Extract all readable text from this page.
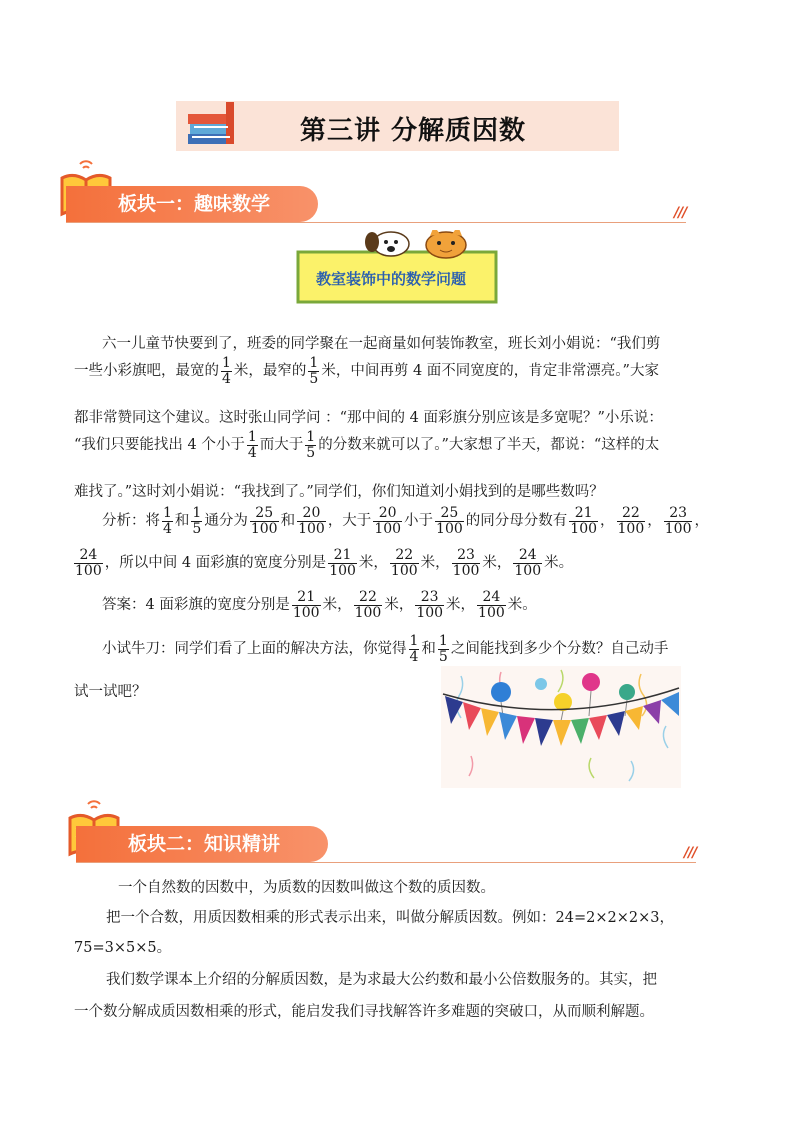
第三讲 分解质因数
板块一：趣味数学	///
教室装饰中的数学问题
六一儿童节快要到了，班委的同学聚在一起商量如何装饰教室，班长刘小娟说：“我们剪
一些小彩旗吧，最宽的 $\frac{1}{4}$ 米，最窄的 $\frac{1}{5}$ 米，中间再剪 4 面不同宽度的，肯定非常漂亮。”大家
都非常赞同这个建议。这时张山同学问 ：“那中间的 4 面彩旗分别应该是多宽呢？”小乐说：
“我们只要能找出 4 个小于 $\frac{1}{4}$ 而大于 $\frac{1}{5}$ 的分数来就可以了。”大家想了半天，都说：“这样的太
难找了。”这时刘小娟说：“我找到了。”同学们，你们知道刘小娟找到的是哪些数吗？
分析：将 $\frac{1}{4}$ 和 $\frac{1}{5}$ 通分为 $\frac{25}{100}$ 和 $\frac{20}{100}$ ，大于 $\frac{20}{100}$ 小于 $\frac{25}{100}$ 的同分母分数有 $\frac{21}{100}$ ， $\frac{22}{100}$ ， $\frac{23}{100}$ ，
$\frac{24}{100}$ ，所以中间 4 面彩旗的宽度分别是 $\frac{21}{100}$ 米， $\frac{22}{100}$ 米， $\frac{23}{100}$ 米， $\frac{24}{100}$ 米。
答案：4 面彩旗的宽度分别是 $\frac{21}{100}$ 米， $\frac{22}{100}$ 米， $\frac{23}{100}$ 米， $\frac{24}{100}$ 米。
小试牛刀：同学们看了上面的解决方法，你觉得 $\frac{1}{4}$ 和 $\frac{1}{5}$ 之间能找到多少个分数？自己动手
试一试吧？
板块二：知识精讲	///
一个自然数的因数中，为质数的因数叫做这个数的质因数。
把一个合数，用质因数相乘的形式表示出来，叫做分解质因数。例如：24=2×2×2×3，
75=3×5×5。
我们数学课本上介绍的分解质因数，是为求最大公约数和最小公倍数服务的。其实，把
一个数分解成质因数相乘的形式，能启发我们寻找解答许多难题的突破口，从而顺利解题。
